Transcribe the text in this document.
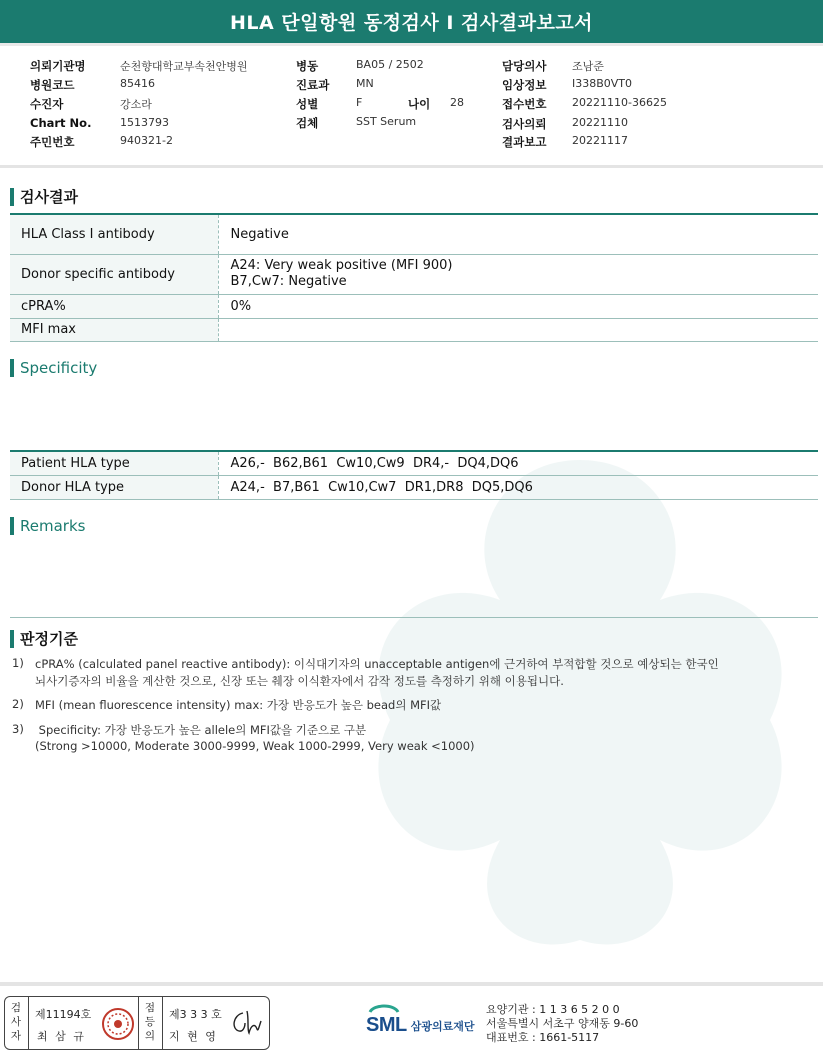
HLA 단일항원 동정검사 I 검사결과보고서
의뢰기관명	순천향대학교부속천안병원
병원코드	85416
수진자	강소라
Chart No.	1513793
주민번호	940321-2
병동	BA05 / 2502
진료과 MN
성별	F	나이 28
검체	SST Serum
담당의사 조남준
임상정보 I338B0VT0
접수번호 20221110-36625
검사의뢰 20221110
결과보고 20221117
검사결과
HLA Class I antibody	Negative
Donor specific antibody	A24: Very weak positive (MFI 900)
B7,Cw7: Negative

cPRA%	0%
MFI max	
Specificity
Patient HLA type	A26,-  B62,B61  Cw10,Cw9  DR4,-  DQ4,DQ6
Donor HLA type	A24,-  B7,B61  Cw10,Cw7  DR1,DR8  DQ5,DQ6
Remarks
판정기준
1) cPRA% (calculated panel reactive antibody): 이식대기자의 unacceptable antigen에 근거하여 부적합할 것으로 예상되는 한국인
뇌사기증자의 비율을 계산한 것으로, 신장 또는 췌장 이식환자에서 감작 정도를 측정하기 위해 이용됩니다.
2) MFI (mean fluorescence intensity) max: 가장 반응도가 높은 bead의 MFI값
3) Specificity: 가장 반응도가 높은 allele의 MFI값을 기준으로 구분
(Strong >10000, Moderate 3000-9999, Weak 1000-2999, Very weak <1000)
검사자
제11194호
최 삼 규
점등의
제3 3 3 호
지 현 영
SML 삼광의료재단
요양기관 : 1 1 3 6 5 2 0 0
서울특별시 서초구 양재동 9-60
대표번호 : 1661-5117
